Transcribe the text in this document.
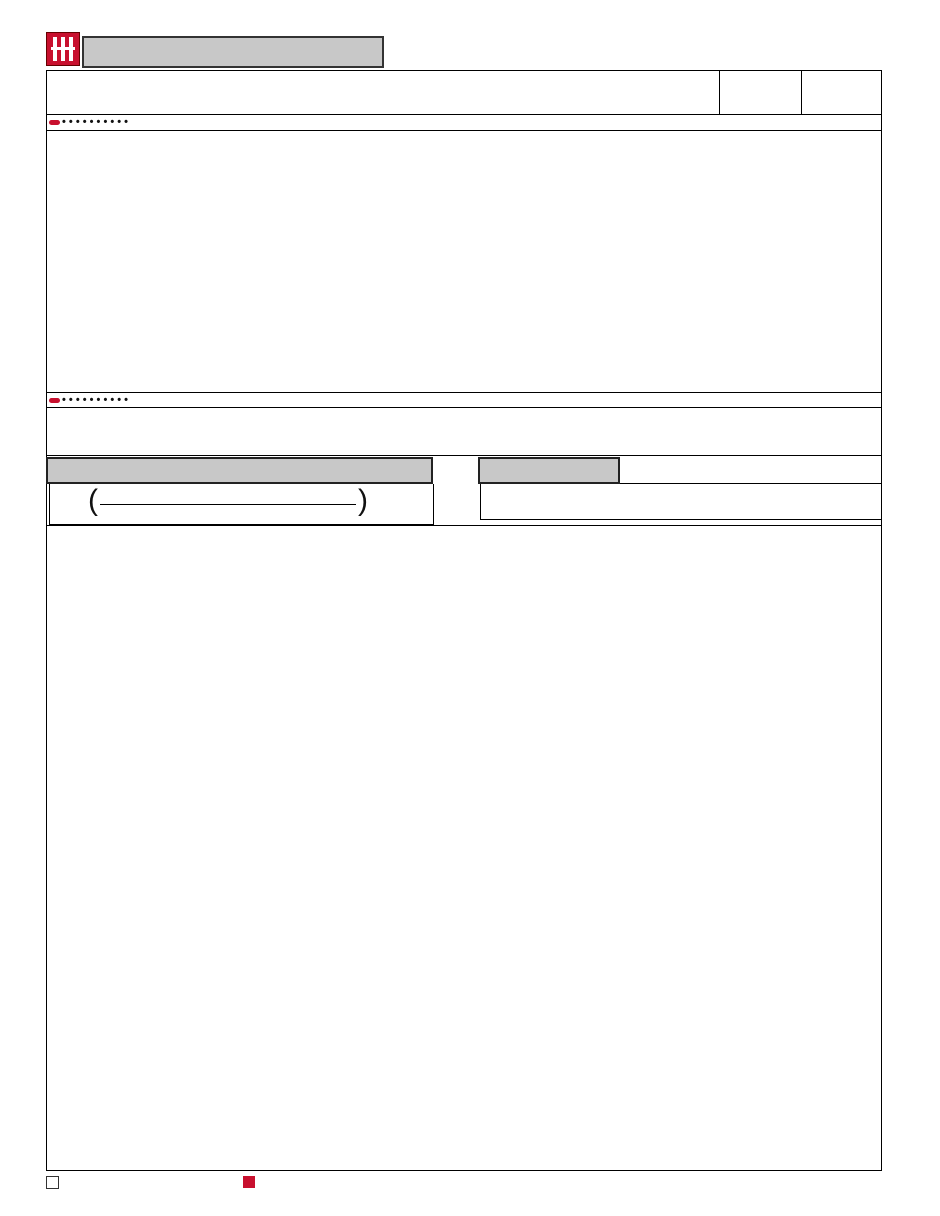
• • • • • • • • • •
• • • • • • • • • •
(	)
